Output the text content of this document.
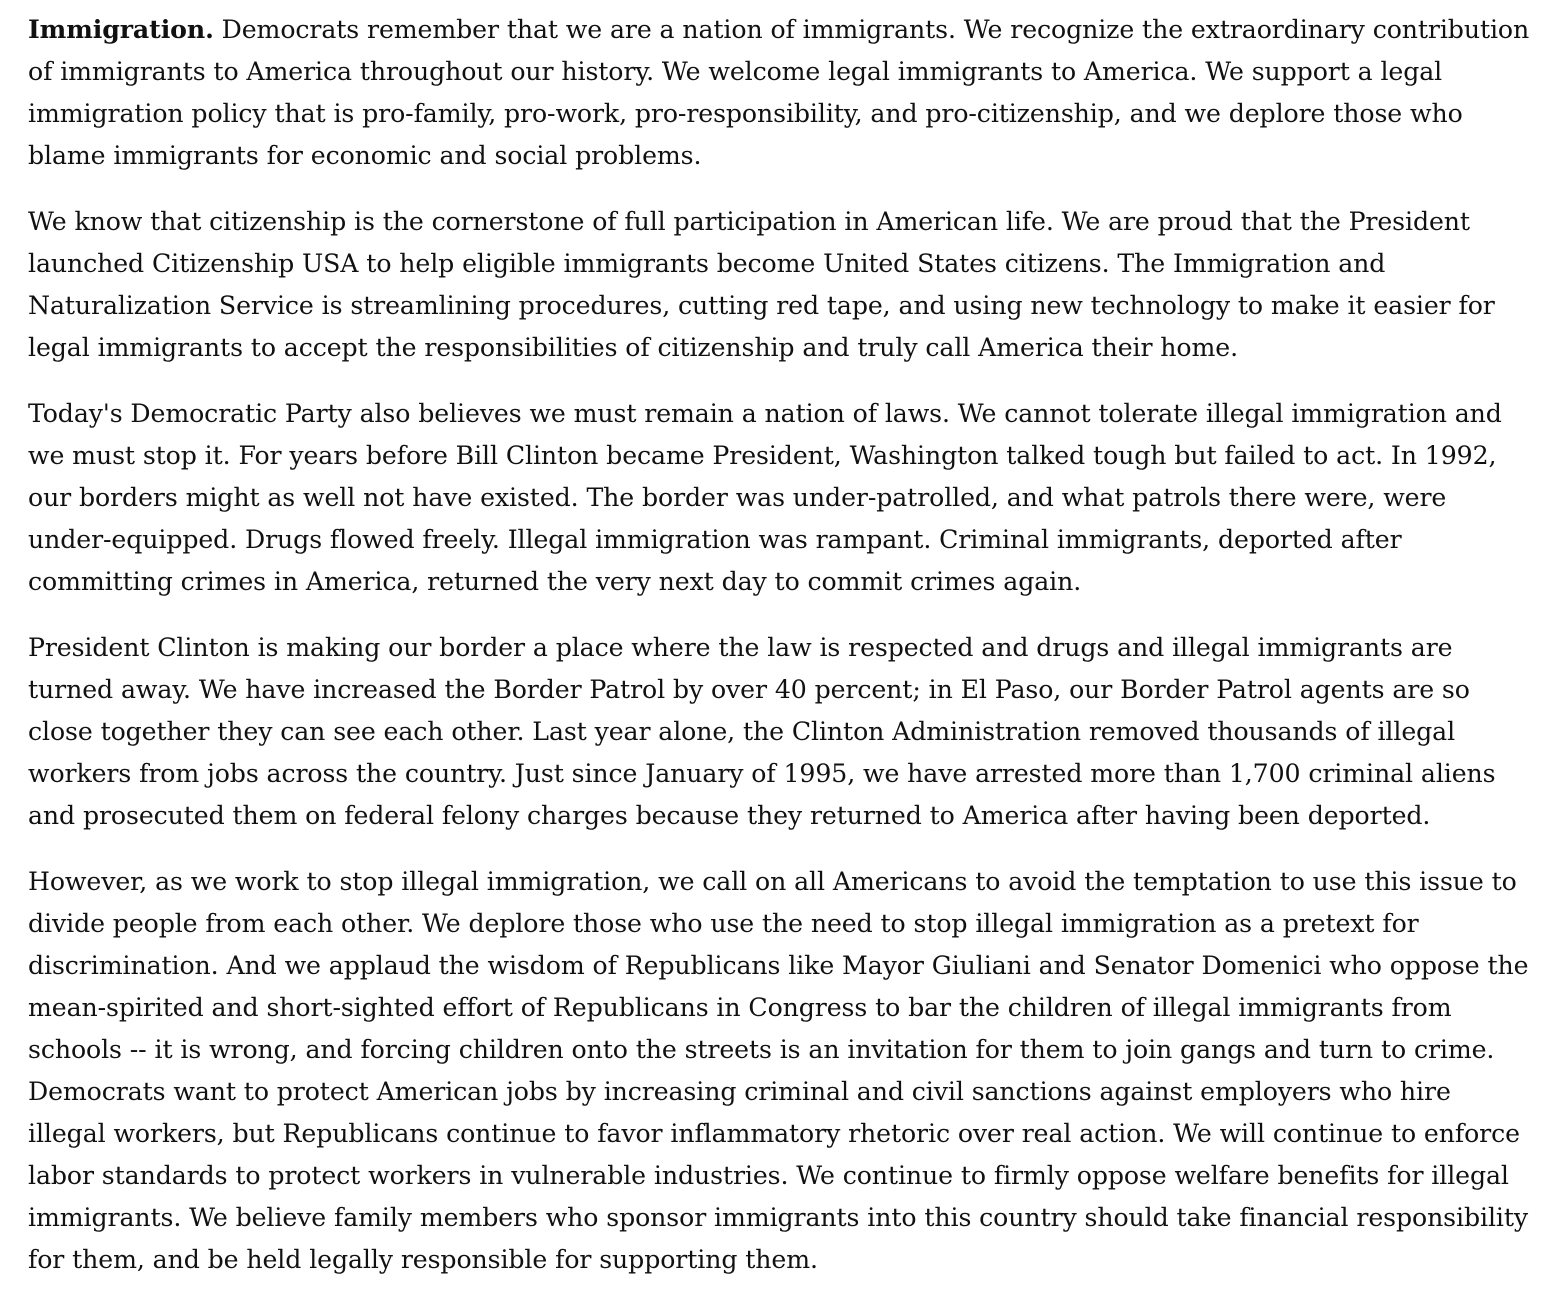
Immigration. Democrats remember that we are a nation of immigrants. We recognize the extraordinary contribution of immigrants to America throughout our history. We welcome legal immigrants to America. We support a legal immigration policy that is pro-family, pro-work, pro-responsibility, and pro-citizenship, and we deplore those who blame immigrants for economic and social problems.

We know that citizenship is the cornerstone of full participation in American life. We are proud that the President launched Citizenship USA to help eligible immigrants become United States citizens. The Immigration and Naturalization Service is streamlining procedures, cutting red tape, and using new technology to make it easier for legal immigrants to accept the responsibilities of citizenship and truly call America their home.

Today's Democratic Party also believes we must remain a nation of laws. We cannot tolerate illegal immigration and we must stop it. For years before Bill Clinton became President, Washington talked tough but failed to act. In 1992, our borders might as well not have existed. The border was under-patrolled, and what patrols there were, were under-equipped. Drugs flowed freely. Illegal immigration was rampant. Criminal immigrants, deported after committing crimes in America, returned the very next day to commit crimes again.

President Clinton is making our border a place where the law is respected and drugs and illegal immigrants are turned away. We have increased the Border Patrol by over 40 percent; in El Paso, our Border Patrol agents are so close together they can see each other. Last year alone, the Clinton Administration removed thousands of illegal workers from jobs across the country. Just since January of 1995, we have arrested more than 1,700 criminal aliens and prosecuted them on federal felony charges because they returned to America after having been deported.

However, as we work to stop illegal immigration, we call on all Americans to avoid the temptation to use this issue to divide people from each other. We deplore those who use the need to stop illegal immigration as a pretext for discrimination. And we applaud the wisdom of Republicans like Mayor Giuliani and Senator Domenici who oppose the mean-spirited and short-sighted effort of Republicans in Congress to bar the children of illegal immigrants from schools -- it is wrong, and forcing children onto the streets is an invitation for them to join gangs and turn to crime. Democrats want to protect American jobs by increasing criminal and civil sanctions against employers who hire illegal workers, but Republicans continue to favor inflammatory rhetoric over real action. We will continue to enforce labor standards to protect workers in vulnerable industries. We continue to firmly oppose welfare benefits for illegal immigrants. We believe family members who sponsor immigrants into this country should take financial responsibility for them, and be held legally responsible for supporting them.
